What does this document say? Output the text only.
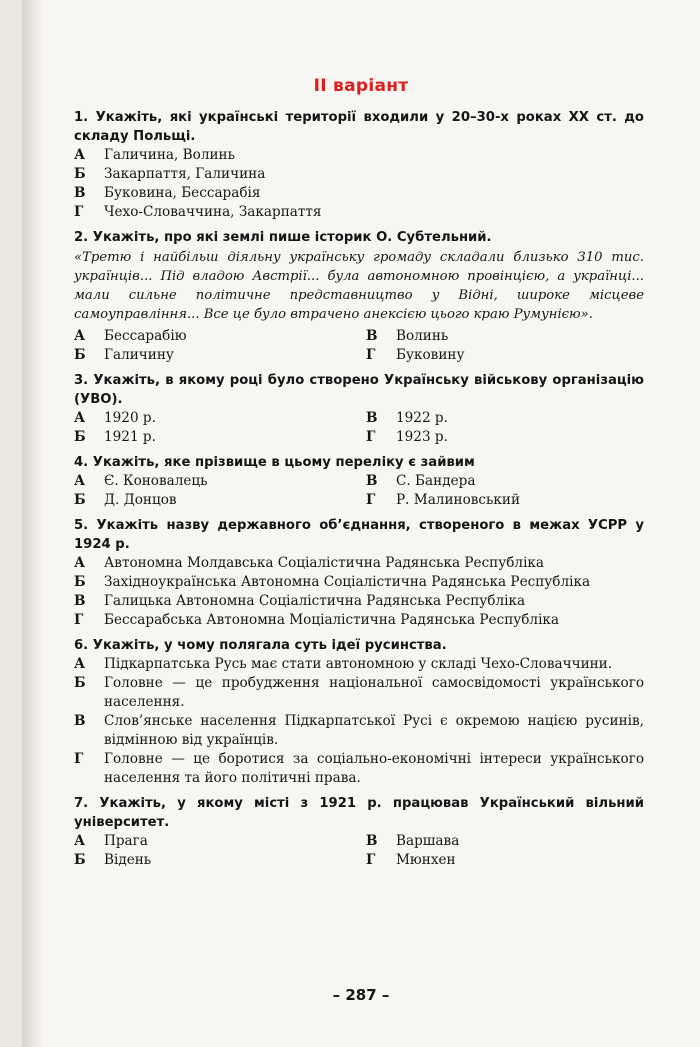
ІІ варіант

1. Укажіть, які українські території входили у 20–30-х роках ХХ ст. до складу Польщі.

А	Галичина, Волинь
Б	Закарпаття, Галичина
В	Буковина, Бессарабія
Г	Чехо-Словаччина, Закарпаття

2. Укажіть, про які землі пише історик О. Субтельний.

«Третю і найбільш діяльну українську громаду складали близько 310 тис. українців... Під владою Австрії... була автономною провінцією, а українці... мали сильне політичне представництво у Відні, широке місцеве самоуправління... Все це було втрачено анексією цього краю Румунією».

А	Бессарабію	В	Волинь
Б	Галичину	Г	Буковину

3. Укажіть, в якому році було створено Українську військову організацію (УВО).

А	1920 р.	В	1922 р.
Б	1921 р.	Г	1923 р.

4. Укажіть, яке прізвище в цьому переліку є зайвим

А	Є. Коновалець	В	С. Бандера
Б	Д. Донцов	Г	Р. Малиновський

5. Укажіть назву державного об’єднання, створеного в межах УСРР у 1924 р.

А	Автономна Молдавська Соціалістична Радянська Республіка
Б	Західноукраїнська Автономна Соціалістична Радянська Республіка
В	Галицька Автономна Соціалістична Радянська Республіка
Г	Бессарабська Автономна Моціалістична Радянська Республіка

6. Укажіть, у чому полягала суть ідеї русинства.

А	Підкарпатська Русь має стати автономною у складі Чехо-Словаччини.
Б	Головне — це пробудження національної самосвідомості українського населення.
В	Слов’янське населення Підкарпатської Русі є окремою нацією русинів, відмінною від українців.
Г	Головне — це боротися за соціально-економічні інтереси українського населення та його політичні права.

7. Укажіть, у якому місті з 1921 р. працював Український вільний університет.

А	Прага	В	Варшава
Б	Відень	Г	Мюнхен
– 287 –
